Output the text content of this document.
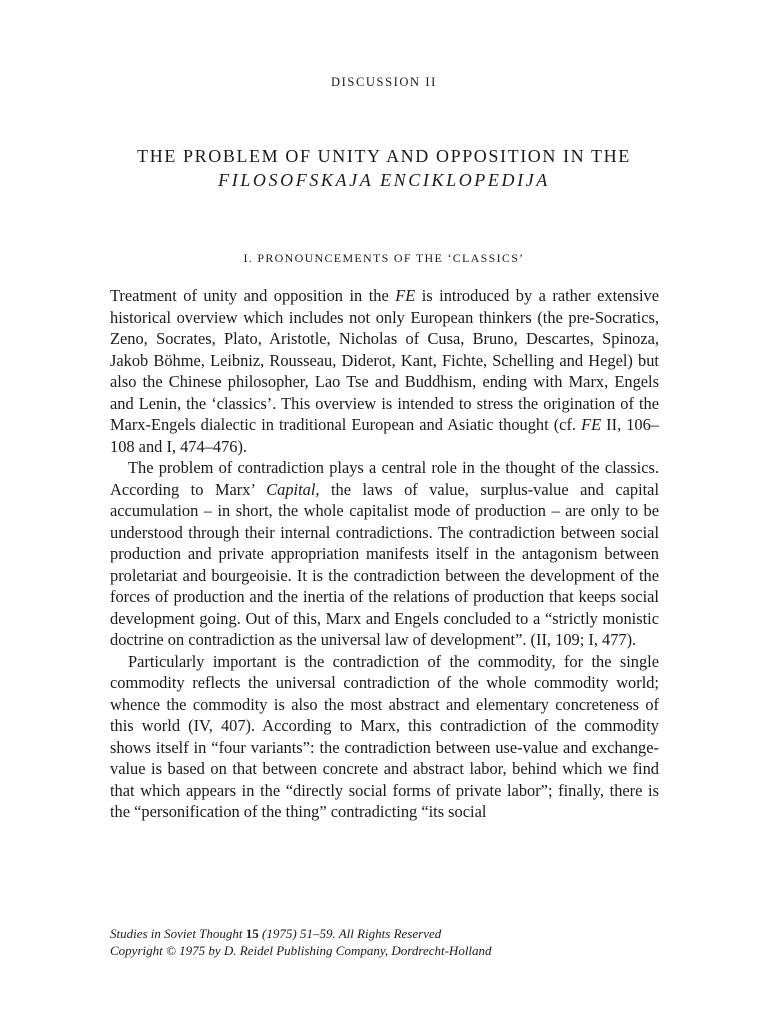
DISCUSSION II
THE PROBLEM OF UNITY AND OPPOSITION IN THE
FILOSOFSKAJA ENCIKLOPEDIJA
I. PRONOUNCEMENTS OF THE ‘CLASSICS’

Treatment of unity and opposition in the FE is introduced by a rather extensive historical overview which includes not only European thinkers (the pre-Socratics, Zeno, Socrates, Plato, Aristotle, Nicholas of Cusa, Bruno, Descartes, Spinoza, Jakob Böhme, Leibniz, Rousseau, Diderot, Kant, Fichte, Schelling and Hegel) but also the Chinese philosopher, Lao Tse and Buddhism, ending with Marx, Engels and Lenin, the ‘classics’. This overview is intended to stress the origination of the Marx-Engels dialectic in traditional European and Asiatic thought (cf. FE II, 106–108 and I, 474–476).

The problem of contradiction plays a central role in the thought of the classics. According to Marx’ Capital, the laws of value, surplus-value and capital accumulation – in short, the whole capitalist mode of production – are only to be understood through their internal contradictions. The contradiction between social production and private appropriation manifests itself in the antagonism between proletariat and bourgeoisie. It is the contradiction between the development of the forces of production and the inertia of the relations of production that keeps social development going. Out of this, Marx and Engels concluded to a “strictly monistic doctrine on contradiction as the universal law of development”. (II, 109; I, 477).

Particularly important is the contradiction of the commodity, for the single commodity reflects the universal contradiction of the whole commodity world; whence the commodity is also the most abstract and elementary concreteness of this world (IV, 407). According to Marx, this contradiction of the commodity shows itself in “four variants”: the contradiction between use-value and exchange-value is based on that between concrete and abstract labor, behind which we find that which appears in the “directly social forms of private labor”; finally, there is the “personification of the thing” contradicting “its social

Studies in Soviet Thought 15 (1975) 51–59. All Rights Reserved
Copyright © 1975 by D. Reidel Publishing Company, Dordrecht-Holland
